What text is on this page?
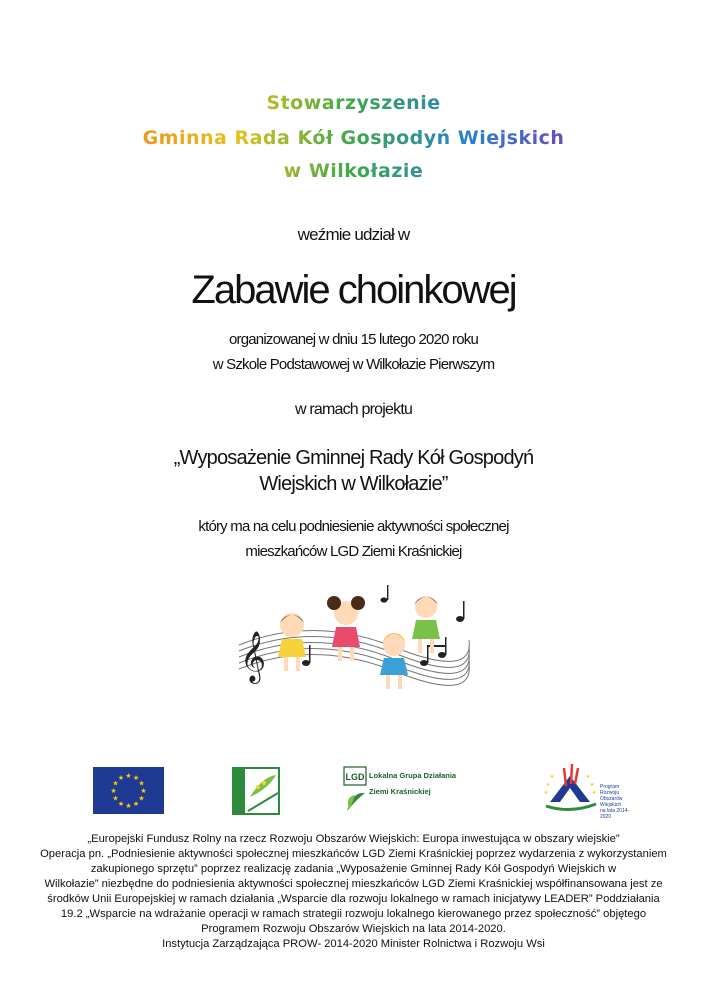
Stowarzyszenie
Gminna Rada Kół Gospodyń Wiejskich
w Wilkołazie
weźmie udział w
Zabawie choinkowej
organizowanej w dniu 15 lutego 2020 roku
w Szkole Podstawowej w Wilkołazie Pierwszym
w ramach projektu
„Wyposażenie Gminnej Rady Kół Gospodyń
Wiejskich w Wilkołazie”
który ma na celu podniesienie aktywności społecznej
mieszkańców LGD Ziemi Kraśnickiej
𝄞
★ ★
★
★
★
★
★
★
★
★
★
★	LGD Lokalna Grupa Działania
Ziemi Kraśnickiej
★
★	★
★
★	★
Program
Rozwoju
Obszarów
Wiejskich
na lata 2014-2020
„Europejski Fundusz Rolny na rzecz Rozwoju Obszarów Wiejskich: Europa inwestująca w obszary wiejskie”
Operacja pn. „Podniesienie aktywności społecznej mieszkańców LGD Ziemi Kraśnickiej poprzez wydarzenia z wykorzystaniem
zakupionego sprzętu” poprzez realizację zadania „Wyposażenie Gminnej Rady Kół Gospodyń Wiejskich w
Wilkołazie” niezbędne do podniesienia aktywności społecznej mieszkańców LGD Ziemi Kraśnickiej współfinansowana jest ze
środków Unii Europejskiej w ramach działania „Wsparcie dla rozwoju lokalnego w ramach inicjatywy LEADER” Poddziałania
19.2 „Wsparcie na wdrażanie operacji w ramach strategii rozwoju lokalnego kierowanego przez społeczność” objętego
Programem Rozwoju Obszarów Wiejskich na lata 2014-2020.
Instytucja Zarządzająca PROW- 2014-2020 Minister Rolnictwa i Rozwoju Wsi
